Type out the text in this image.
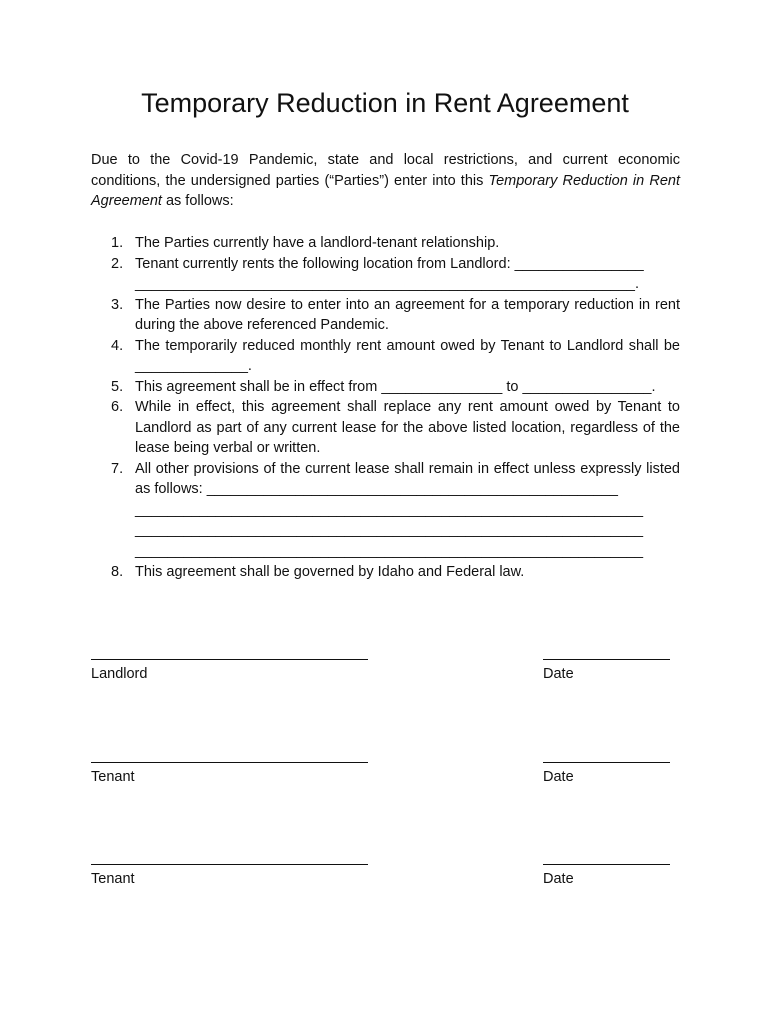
Temporary Reduction in Rent Agreement

Due to the Covid-19 Pandemic, state and local restrictions, and current economic conditions, the undersigned parties (“Parties”) enter into this Temporary Reduction in Rent Agreement as follows:

1. The Parties currently have a landlord-tenant relationship.
2. Tenant currently rents the following location from Landlord: ________________
______________________________________________________________.
3. The Parties now desire to enter into an agreement for a temporary reduction in rent during the above referenced Pandemic.
4. The temporarily reduced monthly rent amount owed by Tenant to Landlord shall be ______________.
5. This agreement shall be in effect from _______________ to ________________.
6. While in effect, this agreement shall replace any rent amount owed by Tenant to Landlord as part of any current lease for the above listed location, regardless of the lease being verbal or written.
7. All other provisions of the current lease shall remain in effect unless expressly listed as follows: ___________________________________________________
_______________________________________________________________
_______________________________________________________________
_______________________________________________________________
8. This agreement shall be governed by Idaho and Federal law.
Landlord	Date
Tenant	Date
Tenant	Date
